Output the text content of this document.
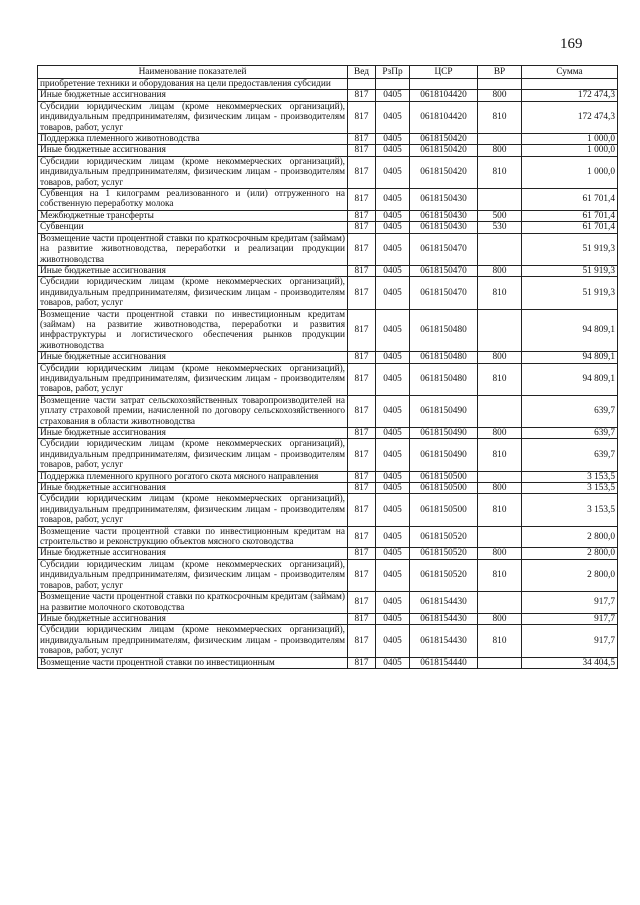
169
Наименование показателей	Вед	РзПр	ЦСР	ВР	Сумма
приобретение техники и оборудования на цели предоставления субсидии					
Иные бюджетные ассигнования	817	0405	0618104420	800	172 474,3
Субсидии юридическим лицам (кроме некоммерческих организаций), индивидуальным предпринимателям, физическим лицам - производителям товаров, работ, услуг	817	0405	0618104420	810	172 474,3
Поддержка племенного животноводства	817	0405	0618150420		1 000,0
Иные бюджетные ассигнования	817	0405	0618150420	800	1 000,0
Субсидии юридическим лицам (кроме некоммерческих организаций), индивидуальным предпринимателям, физическим лицам - производителям товаров, работ, услуг	817	0405	0618150420	810	1 000,0
Субвенция на 1 килограмм реализованного и (или) отгруженного на собственную переработку молока	817	0405	0618150430		61 701,4
Межбюджетные трансферты	817	0405	0618150430	500	61 701,4
Субвенции	817	0405	0618150430	530	61 701,4
Возмещение части процентной ставки по краткосрочным кредитам (займам) на развитие животноводства, переработки и реализации продукции животноводства	817	0405	0618150470		51 919,3
Иные бюджетные ассигнования	817	0405	0618150470	800	51 919,3
Субсидии юридическим лицам (кроме некоммерческих организаций), индивидуальным предпринимателям, физическим лицам - производителям товаров, работ, услуг	817	0405	0618150470	810	51 919,3
Возмещение части процентной ставки по инвестиционным кредитам (займам) на развитие животноводства, переработки и развития инфраструктуры и логистического обеспечения рынков продукции животноводства	817	0405	0618150480		94 809,1
Иные бюджетные ассигнования	817	0405	0618150480	800	94 809,1
Субсидии юридическим лицам (кроме некоммерческих организаций), индивидуальным предпринимателям, физическим лицам - производителям товаров, работ, услуг	817	0405	0618150480	810	94 809,1
Возмещение части затрат сельскохозяйственных товаропроизводителей на уплату страховой премии, начисленной по договору сельскохозяйственного страхования в области животноводства	817	0405	0618150490		639,7
Иные бюджетные ассигнования	817	0405	0618150490	800	639,7
Субсидии юридическим лицам (кроме некоммерческих организаций), индивидуальным предпринимателям, физическим лицам - производителям товаров, работ, услуг	817	0405	0618150490	810	639,7
Поддержка племенного крупного рогатого скота мясного направления	817	0405	0618150500		3 153,5
Иные бюджетные ассигнования	817	0405	0618150500	800	3 153,5
Субсидии юридическим лицам (кроме некоммерческих организаций), индивидуальным предпринимателям, физическим лицам - производителям товаров, работ, услуг	817	0405	0618150500	810	3 153,5
Возмещение части процентной ставки по инвестиционным кредитам на строительство и реконструкцию объектов мясного скотоводства	817	0405	0618150520		2 800,0
Иные бюджетные ассигнования	817	0405	0618150520	800	2 800,0
Субсидии юридическим лицам (кроме некоммерческих организаций), индивидуальным предпринимателям, физическим лицам - производителям товаров, работ, услуг	817	0405	0618150520	810	2 800,0
Возмещение части процентной ставки по краткосрочным кредитам (займам) на развитие молочного скотоводства	817	0405	0618154430		917,7
Иные бюджетные ассигнования	817	0405	0618154430	800	917,7
Субсидии юридическим лицам (кроме некоммерческих организаций), индивидуальным предпринимателям, физическим лицам - производителям товаров, работ, услуг	817	0405	0618154430	810	917,7
Возмещение части процентной ставки по инвестиционным	817	0405	0618154440		34 404,5
